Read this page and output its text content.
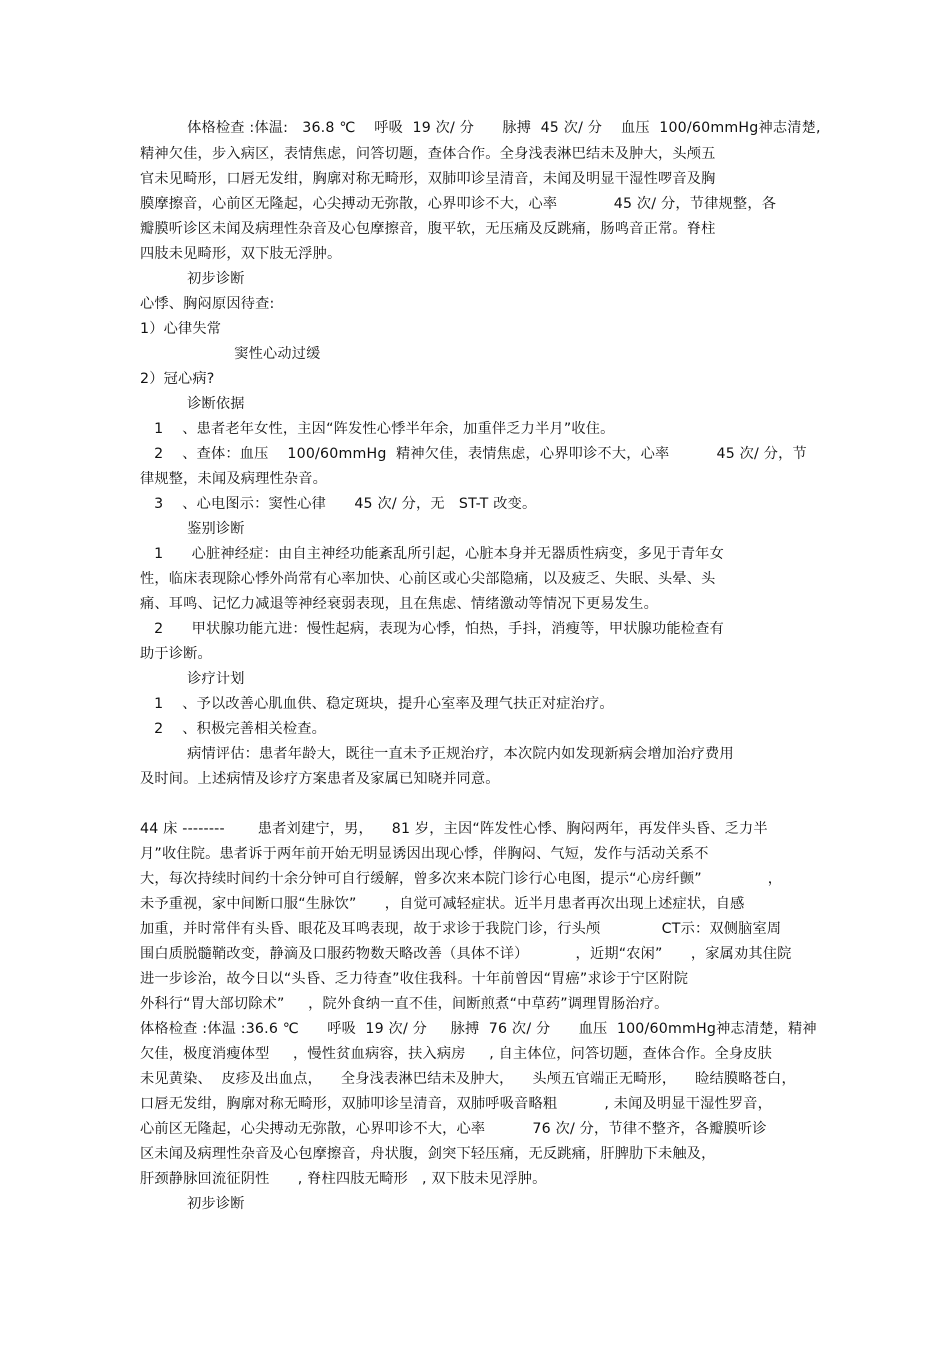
体格检查 :体温:   36.8 ℃    呼吸  19 次/ 分      脉搏  45 次/ 分    血压  100/60mmHg神志清楚,
精神欠佳，步入病区，表情焦虑，问答切题，查体合作。全身浅表淋巴结未及肿大，头颅五
官未见畸形，口唇无发绀，胸廓对称无畸形，双肺叩诊呈清音，未闻及明显干湿性啰音及胸
膜摩擦音，心前区无隆起，心尖搏动无弥散，心界叩诊不大，心率            45 次/ 分，节律规整，各
瓣膜听诊区未闻及病理性杂音及心包摩擦音，腹平软，无压痛及反跳痛，肠鸣音正常。脊柱
四肢未见畸形，双下肢无浮肿。
初步诊断
心悸、胸闷原因待查:
1）心律失常
窦性心动过缓
2）冠心病?
诊断依据
1    、患者老年女性，主因“阵发性心悸半年余，加重伴乏力半月”收住。
2    、查体：血压    100/60mmHg  精神欠佳，表情焦虑，心界叩诊不大，心率          45 次/ 分，节
律规整，未闻及病理性杂音。
3    、心电图示：窦性心律      45 次/ 分，无   ST-T 改变。
鉴别诊断
1      心脏神经症：由自主神经功能紊乱所引起，心脏本身并无器质性病变，多见于青年女
性，临床表现除心悸外尚常有心率加快、心前区或心尖部隐痛，以及疲乏、失眠、头晕、头
痛、耳鸣、记忆力减退等神经衰弱表现，且在焦虑、情绪激动等情况下更易发生。
2      甲状腺功能亢进：慢性起病，表现为心悸，怕热，手抖，消瘦等，甲状腺功能检查有
助于诊断。
诊疗计划
1    、予以改善心肌血供、稳定斑块，提升心室率及理气扶正对症治疗。
2    、积极完善相关检查。
病情评估：患者年龄大，既往一直未予正规治疗，本次院内如发现新病会增加治疗费用
及时间。上述病情及诊疗方案患者及家属已知晓并同意。
44 床 --------       患者刘建宁，男，    81 岁，主因“阵发性心悸、胸闷两年，再发伴头昏、乏力半
月”收住院。患者诉于两年前开始无明显诱因出现心悸，伴胸闷、气短，发作与活动关系不
大，每次持续时间约十余分钟可自行缓解，曾多次来本院门诊行心电图，提示“心房纤颤”              ，
未予重视，家中间断口服“生脉饮”      ，自觉可减轻症状。近半月患者再次出现上述症状，自感
加重，并时常伴有头昏、眼花及耳鸣表现，故于求诊于我院门诊，行头颅             CT示：双侧脑室周
围白质脱髓鞘改变，静滴及口服药物数天略改善（具体不详）          ，近期“农闲”      ，家属劝其住院
进一步诊治，故今日以“头昏、乏力待查”收住我科。十年前曾因“胃癌”求诊于宁区附院
外科行“胃大部切除术”     ，院外食纳一直不佳，间断煎煮“中草药”调理胃肠治疗。
体格检查 :体温 :36.6 ℃      呼吸  19 次/ 分     脉搏  76 次/ 分      血压  100/60mmHg神志清楚，精神
欠佳，极度消瘦体型     ，慢性贫血病容，扶入病房     , 自主体位，问答切题，查体合作。全身皮肤
未见黄染、  皮疹及出血点，    全身浅表淋巴结未及肿大，    头颅五官端正无畸形，    睑结膜略苍白，
口唇无发绀，胸廓对称无畸形，双肺叩诊呈清音，双肺呼吸音略粗          , 未闻及明显干湿性罗音，
心前区无隆起，心尖搏动无弥散，心界叩诊不大，心率          76 次/ 分，节律不整齐，各瓣膜听诊
区未闻及病理性杂音及心包摩擦音，舟状腹，剑突下轻压痛，无反跳痛，肝脾肋下未触及，
肝颈静脉回流征阴性      , 脊柱四肢无畸形   , 双下肢未见浮肿。
初步诊断
